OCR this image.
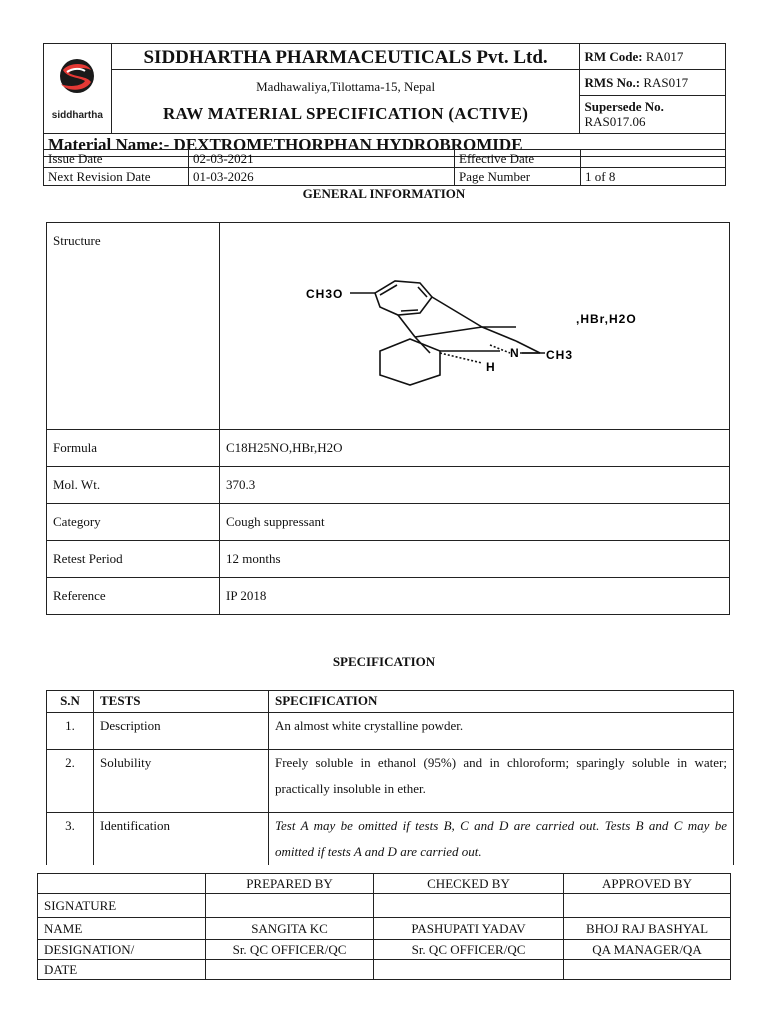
siddhartha	SIDDHARTHA PHARMACEUTICALS Pvt. Ltd.	RM Code: RA017
	Madhawaliya,Tilottama-15, Nepal	RMS No.: RAS017
	RAW MATERIAL SPECIFICATION (ACTIVE)	Supersede No.
RAS017.06
Material Name:- DEXTROMETHORPHAN HYDROBROMIDE		
Issue Date	02-03-2021	Effective Date	
Next Revision Date	01-03-2026	Page Number	1 of 8
GENERAL INFORMATION
Structure	CH3O
,HBr,H2O
N CH3
H

Formula	C18H25NO,HBr,H2O
Mol. Wt.	370.3
Category	Cough suppressant
Retest Period	12 months
Reference	IP 2018
SPECIFICATION
S.N	TESTS	SPECIFICATION
1.	Description	An almost white crystalline powder.
2.	Solubility	Freely soluble in ethanol (95%) and in chloroform; sparingly soluble in water; practically insoluble in ether.
3.	Identification	Test A may be omitted if tests B, C and D are carried out. Tests B and C may be omitted if tests A and D are carried out.
	PREPARED BY	CHECKED BY	APPROVED BY
SIGNATURE			
NAME	SANGITA KC	PASHUPATI YADAV	BHOJ RAJ BASHYAL
DESIGNATION/	Sr. QC OFFICER/QC	Sr. QC OFFICER/QC	QA MANAGER/QA
DATE			
